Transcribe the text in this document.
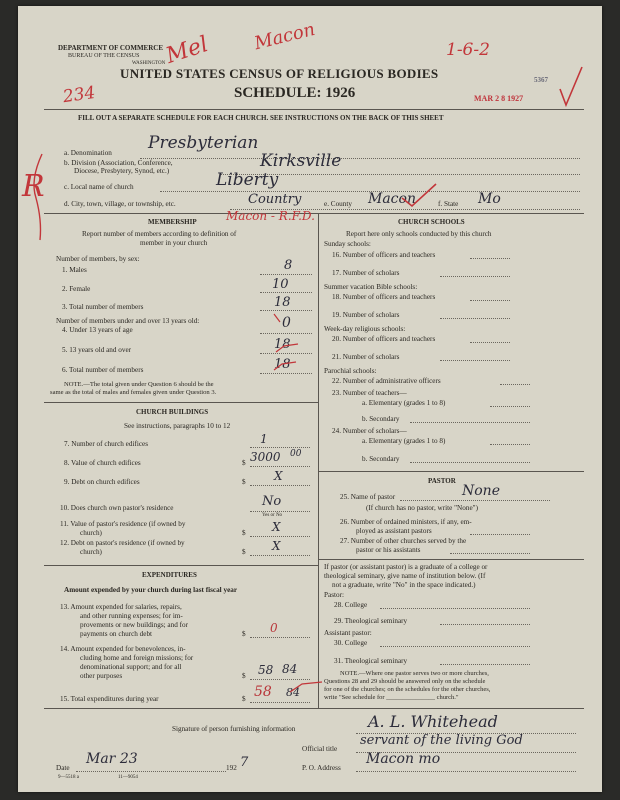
DEPARTMENT OF COMMERCE
BUREAU OF THE CENSUS
WASHINGTON
UNITED STATES CENSUS OF RELIGIOUS BODIES
SCHEDULE: 1926
5367
MAR 2 8 1927
FILL OUT A SEPARATE SCHEDULE FOR EACH CHURCH. SEE INSTRUCTIONS ON THE BACK OF THIS SHEET
234
Mel Macon	1-6-2
R
a. Denomination Presbyterian
b. Division (Association, Conference,
Diocese, Presbytery, Synod, etc.)	Kirksville
c. Local name of church	Liberty
d. City, town, village, or township, etc.	Country	e. County Macon	f. State Mo
MEMBERSHIP Macon - R.F.D.
Report number of members according to definition of
member in your church
Number of members, by sex:
1. Males	8
2. Female	10
3. Total number of members	18
Number of members under and over 13 years old:
4. Under 13 years of age	0
5. 13 years old and over	18
6. Total number of members	18
NOTE.—The total given under Question 6 should be the
same as the total of males and females given under Question 3.
CHURCH BUILDINGS
See instructions, paragraphs 10 to 12
7. Number of church edifices	1
8. Value of church edifices	$ 3000 00
9. Debt on church edifices	$ X
10. Does church own pastor's residence	No
Yes or No
11. Value of pastor's residence (if owned by
church)	$ X
12. Debt on pastor's residence (if owned by
church)	$ X
EXPENDITURES
Amount expended by your church during last fiscal year
13. Amount expended for salaries, repairs,
and other running expenses; for im-
provements or new buildings; and for
payments on church debt	$ 0
14. Amount expended for benevolences, in-
cluding home and foreign missions; for
denominational support; and for all
other purposes	$ 58 84
15. Total expenditures during year	$ 58 84
CHURCH SCHOOLS
Report here only schools conducted by this church
Sunday schools:
16. Number of officers and teachers
17. Number of scholars
Summer vacation Bible schools:
18. Number of officers and teachers
19. Number of scholars
Week-day religious schools:
20. Number of officers and teachers
21. Number of scholars
Parochial schools:
22. Number of administrative officers
23. Number of teachers—
a. Elementary (grades 1 to 8)
b. Secondary
24. Number of scholars—
a. Elementary (grades 1 to 8)
b. Secondary
PASTOR
25. Name of pastor	None
(If church has no pastor, write "None")
26. Number of ordained ministers, if any, em-
ployed as assistant pastors
27. Number of other churches served by the
pastor or his assistants
If pastor (or assistant pastor) is a graduate of a college or
theological seminary, give name of institution below. (If
not a graduate, write "No" in the space indicated.)
Pastor:
28. College
29. Theological seminary
Assistant pastor:
30. College
31. Theological seminary
NOTE.—Where one pastor serves two or more churches,
Questions 28 and 29 should be answered only on the schedule
for one of the churches; on the schedules for the other churches,
write "See schedule for _______________ church."
Signature of person furnishing information	A. L. Whitehead
Official title
servant of the living God
Date
Mar 23
192 7	P. O. Address
Macon mo
9—5518 a	11—9054
